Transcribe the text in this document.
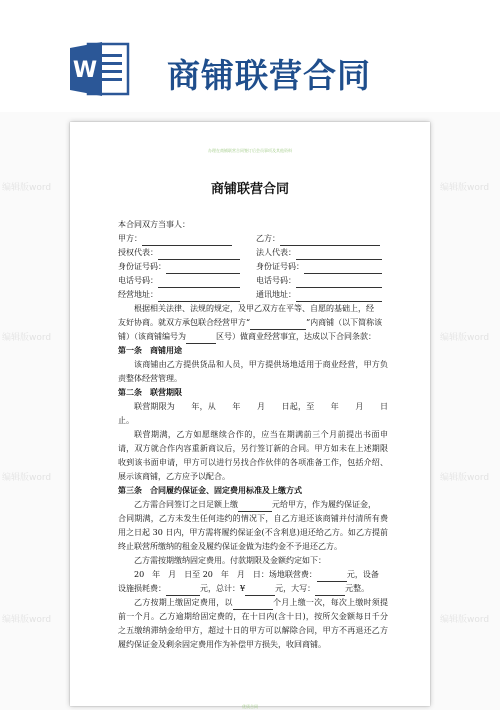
W 商铺联营合同
编辑版word
编辑版word
编辑版word
编辑版word
编辑版word
编辑版word
编辑版word
编辑版word
办理在商铺联营合同签订后会员事项及其他资料
商铺联营合同
本合同双方当事人：
甲方：	乙方：
授权代表：	法人代表：
身份证号码：	身份证号码：
电话号码：	电话号码：
经营地址：	通讯地址：
根据相关法律、法规的规定，及甲乙双方在平等、自愿的基础上，经
友好协商。就双方承包联合经营甲方“	”内商铺（以下简称该
铺）（该商铺编号为	区号）做商业经营事宜，达成以下合同条款：
第一条　商铺用途
该商铺由乙方提供货品和人员，甲方提供场地适用于商业经营，甲方负责整体经营管理。
第二条　联营期限
联营期限为　　年，从　　年　　月　　日起，至　　年　　月　　日止。
联营期满，乙方如愿继续合作的，应当在期满前三个月前提出书面申请，双方就合作内容重新商议后，另行签订新的合同。甲方如未在上述期限收到该书面申请，甲方可以进行另找合作伙伴的各项准备工作，包括介绍、展示该商铺，乙方应予以配合。
第三条　合同履约保证金、固定费用标准及上缴方式
乙方需合同签订之日足额上缴	元给甲方，作为履约保证金，
合同期满，乙方未发生任何违约的情况下，自乙方退还该商铺并付清所有费用之日起 30 日内，甲方需将履约保证金(不含利息)退还给乙方。如乙方提前终止联营所缴纳的租金及履约保证金做为违约金不予退还乙方。
乙方需按期缴纳固定费用。付款期限及金额约定如下：
20　年　月　日至 20　年　月　日：场地联营费：	元，设备
设施损耗费：	元，总计：¥	元，大写：	元整。
乙方按期上缴固定费用，以	个月上缴一次，每次上缴时须提前一个月。乙方逾期给固定费的，在十日内(含十日)，按所欠金额每日千分之五缴纳滞纳金给甲方，超过十日的甲方可以解除合同，甲方不再退还乙方履约保证金及剩余固定费用作为补偿甲方损失，收回商铺。
优质合同
